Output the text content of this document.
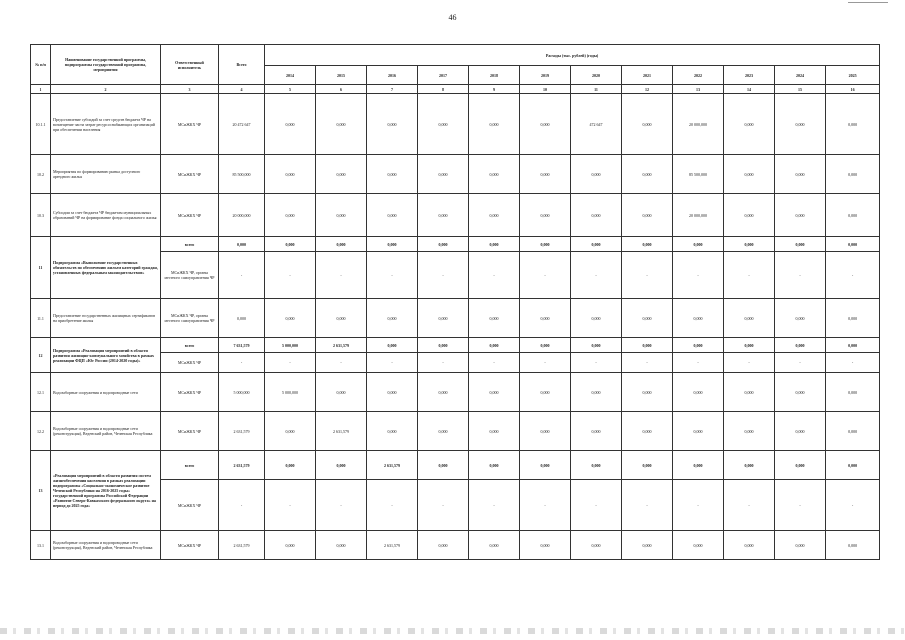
46
№ п/п	Наименование государственной программы, подпрограммы государственной программы, мероприятия	Ответственный исполнитель	Всего	Расходы (тыс. рублей) (годы)											
				2014	2015	2016	2017	2018	2019	2020	2021	2022	2023	2024	2025
1	2	3	4	5	6	7	8	9	10	11	12	13	14	15	16
10.1.1	Предоставление субсидий за счет средств бюджета ЧР на возмещение части затрат ресурсоснабжающих организаций при обеспечении населения	МСиЖКХ ЧР	20 472 647	0,000	0,000	0,000	0,000	0,000	0,000	472 647	0,000	20 000,000	0,000	0,000	0,000
10.2	Мероприятия по формированию рынка доступного арендного жилья	МСиЖКХ ЧР	85 500,000	0,000	0,000	0,000	0,000	0,000	0,000	0,000	0,000	85 500,000	0,000	0,000	0,000
10.3	Субсидии за счет бюджета ЧР бюджетам муниципальных образований ЧР на формирование фонда социального жилья	МСиЖКХ ЧР	20 000,000	0,000	0,000	0,000	0,000	0,000	0,000	0,000	0,000	20 000,000	0,000	0,000	0,000
11	Подпрограмма «Выполнение государственных обязательств по обеспечению жильем категорий граждан, установленных федеральным законодательством»	всего	0,000	0,000	0,000	0,000	0,000	0,000	0,000	0,000	0,000	0,000	0,000	0,000	0,000
		МСиЖКХ ЧР, органы местного самоуправления ЧР	-	-	-	-	-	-	-	-	-	-	-	-	-
11.1	Предоставление государственных жилищных сертификатов на приобретение жилья	МСиЖКХ ЧР, органы местного самоуправления ЧР	0,000	0,000	0,000	0,000	0,000	0,000	0,000	0,000	0,000	0,000	0,000	0,000	0,000
12	Подпрограмма «Реализация мероприятий в области развития жилищно-коммунального хозяйства в рамках реализации ФЦП «Юг России (2014-2020 годы)»	всего	7 631,579	5 000,000	2 631,579	0,000	0,000	0,000	0,000	0,000	0,000	0,000	0,000	0,000	0,000
		МСиЖКХ ЧР	-	-	-	-	-	-	-	-	-	-	-	-	-
12.1	Водозаборные сооружения и водопроводные сети	МСиЖКХ ЧР	5 000,000	5 000,000	0,000	0,000	0,000	0,000	0,000	0,000	0,000	0,000	0,000	0,000	0,000
12.2	Водозаборные сооружения и водопроводные сети (реконструкция), Веденский район, Чеченская Республика	МСиЖКХ ЧР	2 631,579	0,000	2 631,579	0,000	0,000	0,000	0,000	0,000	0,000	0,000	0,000	0,000	0,000
13	«Реализация мероприятий в области развития систем жизнеобеспечения населения в рамках реализации подпрограммы «Социально-экономическое развитие Чеченской Республики на 2016-2025 годы» государственной программы Российской Федерации «Развитие Северо-Кавказского федерального округа» на период до 2025 года»	всего	2 631,579	0,000	0,000	2 631,579	0,000	0,000	0,000	0,000	0,000	0,000	0,000	0,000	0,000
		МСиЖКХ ЧР	-	-	-	-	-	-	-	-	-	-	-	-	-
13.1	Водозаборные сооружения и водопроводные сети (реконструкция), Веденский район, Чеченская Республика	МСиЖКХ ЧР	2 631,579	0,000	0,000	2 631,579	0,000	0,000	0,000	0,000	0,000	0,000	0,000	0,000	0,000
